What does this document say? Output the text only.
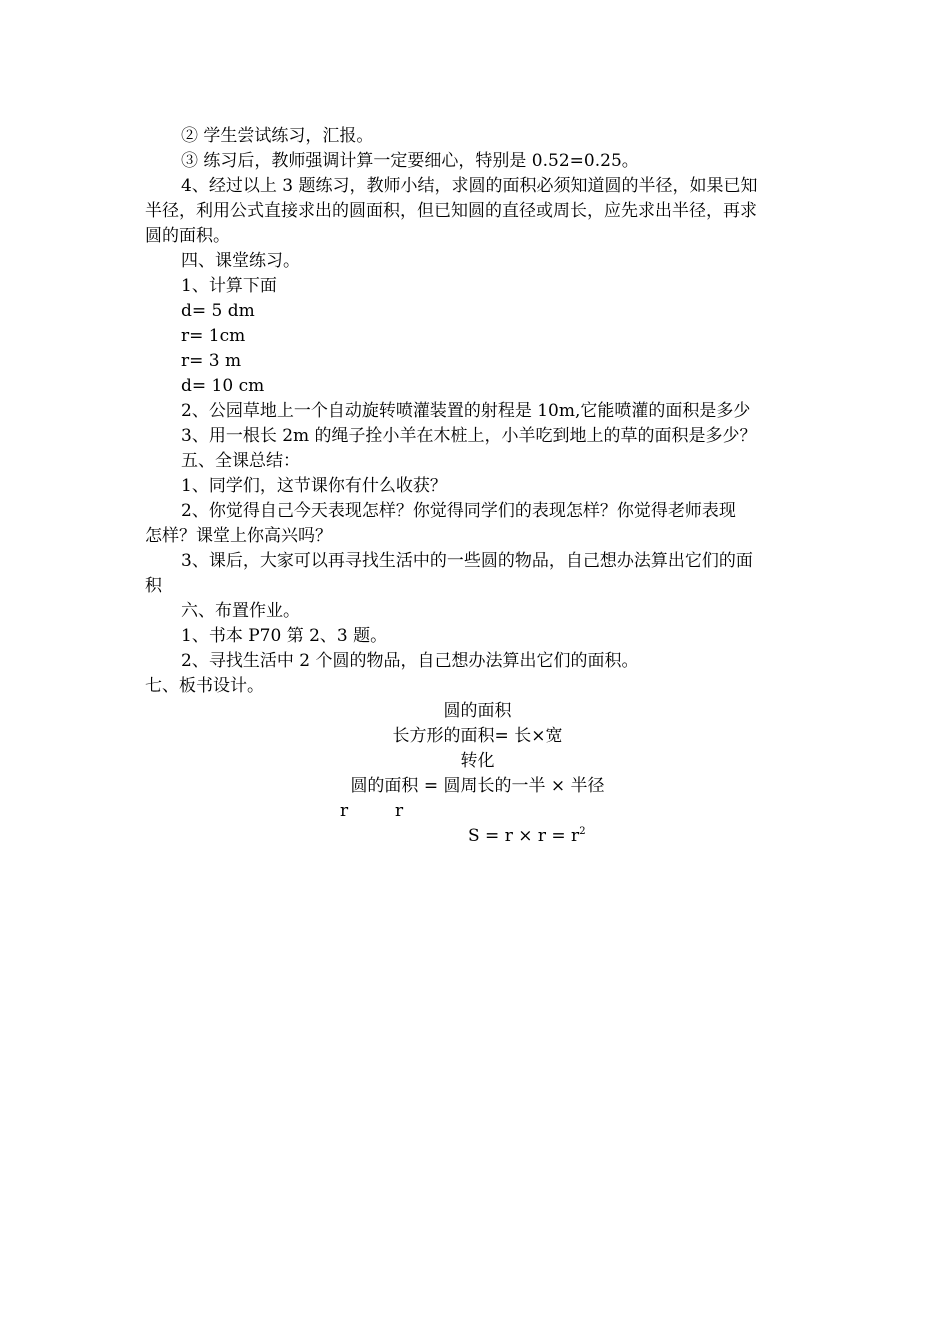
② 学生尝试练习，汇报。
③ 练习后，教师强调计算一定要细心，特别是 0.52=0.25。
4、经过以上 3 题练习，教师小结，求圆的面积必须知道圆的半径，如果已知
半径，利用公式直接求出的圆面积，但已知圆的直径或周长，应先求出半径，再求
圆的面积。
四、课堂练习。
1、计算下面
d= 5 dm
r= 1cm
r= 3 m
d= 10 cm
2、公园草地上一个自动旋转喷灌装置的射程是 10m,它能喷灌的面积是多少
3、用一根长 2m 的绳子拴小羊在木桩上，小羊吃到地上的草的面积是多少？
五、全课总结：
1、同学们，这节课你有什么收获？
2、你觉得自己今天表现怎样？你觉得同学们的表现怎样？你觉得老师表现
怎样？课堂上你高兴吗？
3、课后，大家可以再寻找生活中的一些圆的物品，自己想办法算出它们的面
积
六、布置作业。
1、书本 P70 第 2、3 题。
2、寻找生活中 2 个圆的物品，自己想办法算出它们的面积。
七、板书设计。
圆的面积
长方形的面积= 长×宽
转化
圆的面积 = 圆周长的一半 × 半径
r	r
$S = r \times r = r^2$
